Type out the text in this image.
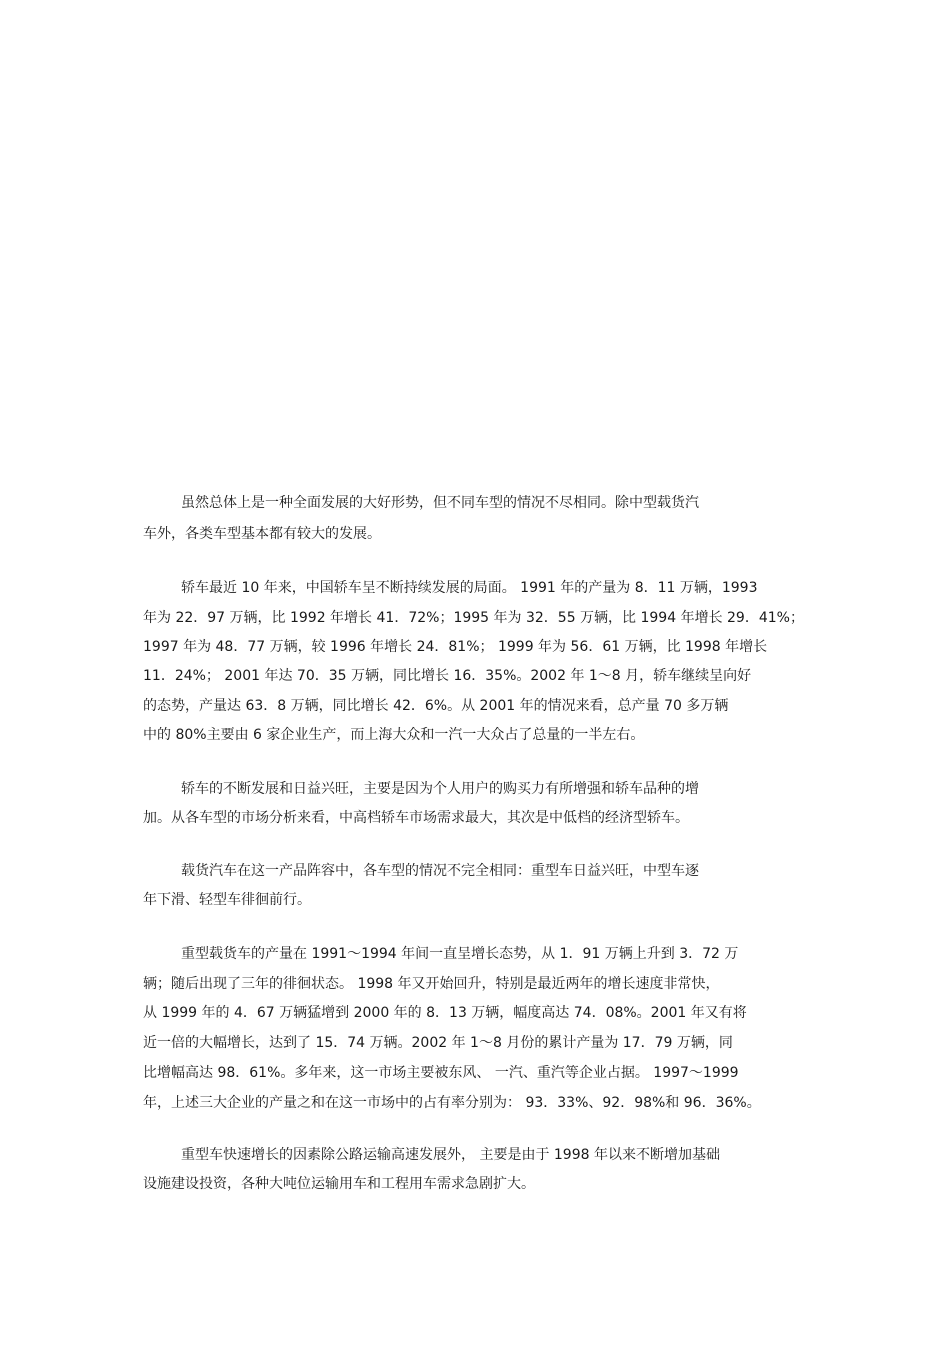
虽然总体上是一种全面发展的大好形势，但不同车型的情况不尽相同。除中型载货汽
车外，各类车型基本都有较大的发展。
轿车最近 10 年来，中国轿车呈不断持续发展的局面。 1991 年的产量为 8．11 万辆，1993
年为 22．97 万辆，比 1992 年增长 41．72%；1995 年为 32．55 万辆，比 1994 年增长 29．41%；
1997 年为 48．77 万辆，较 1996 年增长 24．81%； 1999 年为 56．61 万辆，比 1998 年增长
11．24%； 2001 年达 70．35 万辆，同比增长 16．35%。2002 年 1～8 月，轿车继续呈向好
的态势，产量达 63．8 万辆，同比增长 42．6%。从 2001 年的情况来看，总产量 70 多万辆
中的 80%主要由 6 家企业生产，而上海大众和一汽一大众占了总量的一半左右。
轿车的不断发展和日益兴旺，主要是因为个人用户的购买力有所增强和轿车品种的增
加。从各车型的市场分析来看，中高档轿车市场需求最大，其次是中低档的经济型轿车。
载货汽车在这一产品阵容中，各车型的情况不完全相同：重型车日益兴旺，中型车逐
年下滑、轻型车徘徊前行。
重型载货车的产量在 1991～1994 年间一直呈增长态势，从 1．91 万辆上升到 3．72 万
辆；随后出现了三年的徘徊状态。 1998 年又开始回升，特别是最近两年的增长速度非常快，
从 1999 年的 4．67 万辆猛增到 2000 年的 8．13 万辆，幅度高达 74．08%。2001 年又有将
近一倍的大幅增长，达到了 15．74 万辆。2002 年 1～8 月份的累计产量为 17．79 万辆，同
比增幅高达 98．61%。多年来，这一市场主要被东风、 一汽、重汽等企业占据。 1997～1999
年，上述三大企业的产量之和在这一市场中的占有率分别为： 93．33%、92．98%和 96．36%。
重型车快速增长的因素除公路运输高速发展外， 主要是由于 1998 年以来不断增加基础
设施建设投资，各种大吨位运输用车和工程用车需求急剧扩大。
